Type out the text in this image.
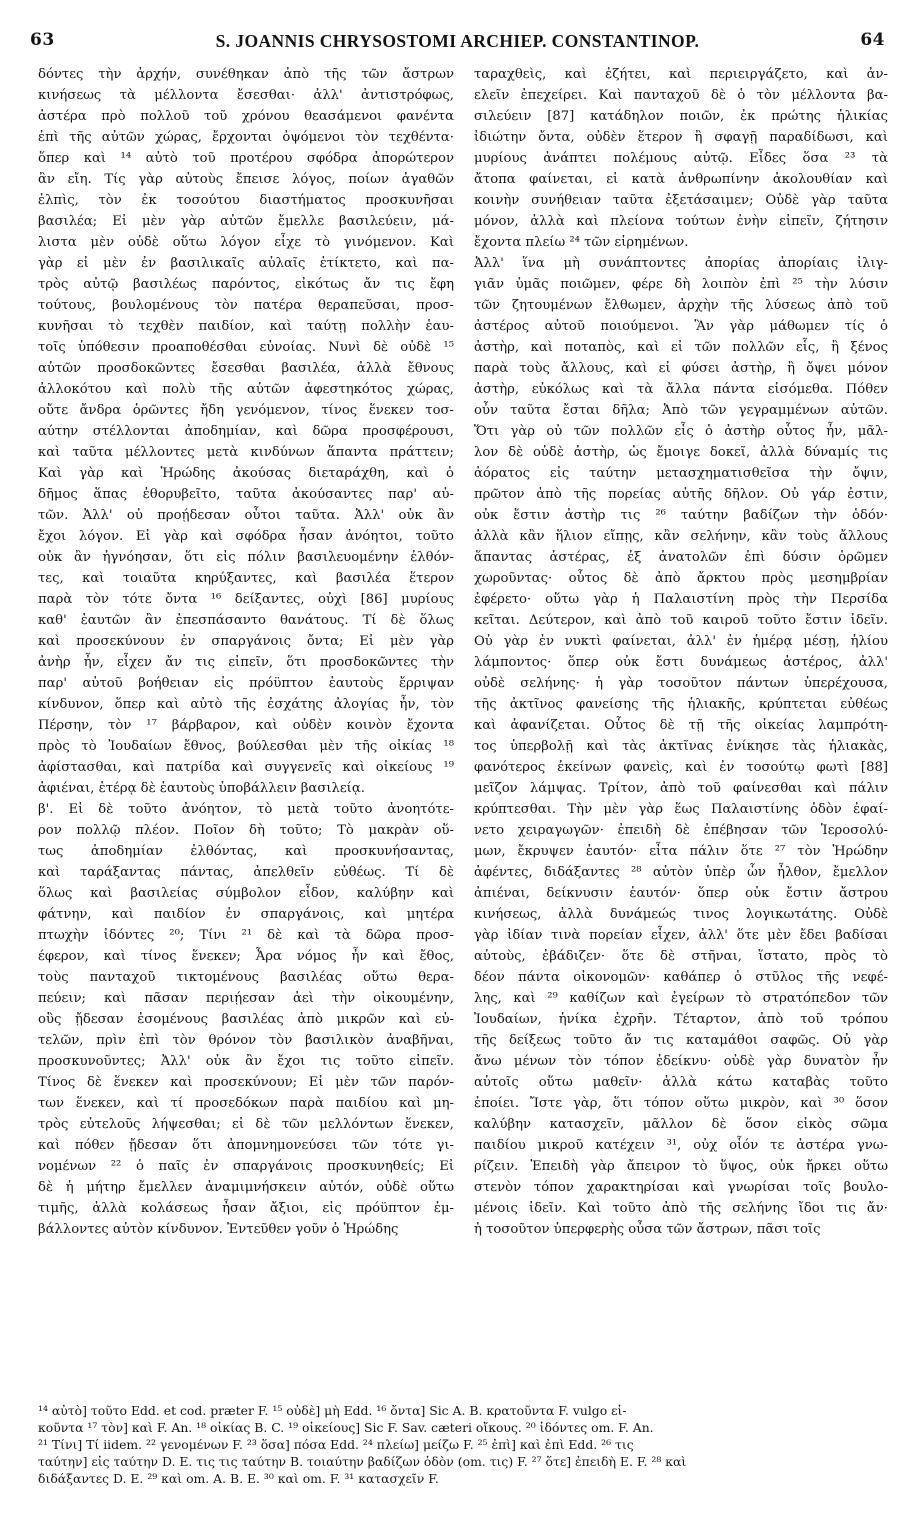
63	S. JOANNIS CHRYSOSTOMI ARCHIEP. CONSTANTINOP.	64
δόντες τὴν ἀρχήν, συνέθηκαν ἀπὸ τῆς τῶν ἄστρων
κινήσεως τὰ μέλλοντα ἔσεσθαι· ἀλλ' ἀντιστρόφως,
ἀστέρα πρὸ πολλοῦ τοῦ χρόνου θεασάμενοι φανέντα
ἐπὶ τῆς αὐτῶν χώρας, ἔρχονται ὀψόμενοι τὸν τεχθέντα·
ὅπερ καὶ ¹⁴ αὐτὸ τοῦ προτέρου σφόδρα ἀπορώτερον
ἂν εἴη. Τίς γὰρ αὐτοὺς ἔπεισε λόγος, ποίων ἀγαθῶν
ἐλπὶς, τὸν ἐκ τοσούτου διαστήματος προσκυνῆσαι
βασιλέα; Εἰ μὲν γὰρ αὐτῶν ἔμελλε βασιλεύειν, μά-
λιστα μὲν οὐδὲ οὕτω λόγον εἶχε τὸ γινόμενον. Καὶ
γὰρ εἰ μὲν ἐν βασιλικαῖς αὐλαῖς ἐτίκτετο, καὶ πα-
τρὸς αὐτῷ βασιλέως παρόντος, εἰκότως ἄν τις ἔφη
τούτους, βουλομένους τὸν πατέρα θεραπεῦσαι, προσ-
κυνῆσαι τὸ τεχθὲν παιδίον, καὶ ταύτῃ πολλὴν ἑαυ-
τοῖς ὑπόθεσιν προαποθέσθαι εὐνοίας. Νυνὶ δὲ οὐδὲ ¹⁵
αὐτῶν προσδοκῶντες ἔσεσθαι βασιλέα, ἀλλὰ ἔθνους
ἀλλοκότου καὶ πολὺ τῆς αὐτῶν ἀφεστηκότος χώρας,
οὔτε ἄνδρα ὁρῶντες ἤδη γενόμενον, τίνος ἕνεκεν τοσ-
αύτην στέλλονται ἀποδημίαν, καὶ δῶρα προσφέρουσι,
καὶ ταῦτα μέλλοντες μετὰ κινδύνων ἅπαντα πράττειν;
Καὶ γὰρ καὶ Ἡρώδης ἀκούσας διεταράχθη, καὶ ὁ
δῆμος ἅπας ἐθορυβεῖτο, ταῦτα ἀκούσαντες παρ' αὐ-
τῶν. Ἀλλ' οὐ προῄδεσαν οὗτοι ταῦτα. Ἀλλ' οὐκ ἂν
ἔχοι λόγον. Εἰ γὰρ καὶ σφόδρα ἦσαν ἀνόητοι, τοῦτο
οὐκ ἂν ἠγνόησαν, ὅτι εἰς πόλιν βασιλευομένην ἐλθόν-
τες, καὶ τοιαῦτα κηρύξαντες, καὶ βασιλέα ἕτερον
παρὰ τὸν τότε ὄντα ¹⁶ δείξαντες, οὐχὶ [86] μυρίους
καθ' ἑαυτῶν ἂν ἐπεσπάσαντο θανάτους. Τί δὲ ὅλως
καὶ προσεκύνουν ἐν σπαργάνοις ὄντα; Εἰ μὲν γὰρ
ἀνὴρ ἦν, εἶχεν ἄν τις εἰπεῖν, ὅτι προσδοκῶντες τὴν
παρ' αὐτοῦ βοήθειαν εἰς πρόϋπτον ἑαυτοὺς ἔρριψαν
κίνδυνον, ὅπερ καὶ αὐτὸ τῆς ἐσχάτης ἀλογίας ἦν, τὸν
Πέρσην, τὸν ¹⁷ βάρβαρον, καὶ οὐδὲν κοινὸν ἔχοντα
πρὸς τὸ Ἰουδαίων ἔθνος, βούλεσθαι μὲν τῆς οἰκίας ¹⁸
ἀφίστασθαι, καὶ πατρίδα καὶ συγγενεῖς καὶ οἰκείους ¹⁹
ἀφιέναι, ἑτέρᾳ δὲ ἑαυτοὺς ὑποβάλλειν βασιλείᾳ.
β'. Εἰ δὲ τοῦτο ἀνόητον, τὸ μετὰ τοῦτο ἀνοητότε-
ρον πολλῷ πλέον. Ποῖον δὴ τοῦτο; Τὸ μακρὰν οὕ-
τως ἀποδημίαν ἐλθόντας, καὶ προσκυνήσαντας,
καὶ ταράξαντας πάντας, ἀπελθεῖν εὐθέως. Τί δὲ
ὅλως καὶ βασιλείας σύμβολον εἶδον, καλύβην καὶ
φάτνην, καὶ παιδίον ἐν σπαργάνοις, καὶ μητέρα
πτωχὴν ἰδόντες ²⁰; Τίνι ²¹ δὲ καὶ τὰ δῶρα προσ-
έφερον, καὶ τίνος ἕνεκεν; Ἆρα νόμος ἦν καὶ ἔθος,
τοὺς πανταχοῦ τικτομένους βασιλέας οὕτω θερα-
πεύειν; καὶ πᾶσαν περιῄεσαν ἀεὶ τὴν οἰκουμένην,
οὓς ᾔδεσαν ἐσομένους βασιλέας ἀπὸ μικρῶν καὶ εὐ-
τελῶν, πρὶν ἐπὶ τὸν θρόνον τὸν βασιλικὸν ἀναβῆναι,
προσκυνοῦντες; Ἀλλ' οὐκ ἂν ἔχοι τις τοῦτο εἰπεῖν.
Τίνος δὲ ἕνεκεν καὶ προσεκύνουν; Εἰ μὲν τῶν παρόν-
των ἕνεκεν, καὶ τί προσεδόκων παρὰ παιδίου καὶ μη-
τρὸς εὐτελοῦς λήψεσθαι; εἰ δὲ τῶν μελλόντων ἕνεκεν,
καὶ πόθεν ᾔδεσαν ὅτι ἀπομνημονεύσει τῶν τότε γι-
νομένων ²² ὁ παῖς ἐν σπαργάνοις προσκυνηθείς; Εἰ
δὲ ἡ μήτηρ ἔμελλεν ἀναμιμνήσκειν αὐτόν, οὐδὲ οὕτω
τιμῆς, ἀλλὰ κολάσεως ἦσαν ἄξιοι, εἰς πρόϋπτον ἐμ-
βάλλοντες αὐτὸν κίνδυνον. Ἐντεῦθεν γοῦν ὁ Ἡρώδης
ταραχθεὶς, καὶ ἐζήτει, καὶ περιειργάζετο, καὶ ἀν-
ελεῖν ἐπεχείρει. Καὶ πανταχοῦ δὲ ὁ τὸν μέλλοντα βα-
σιλεύειν [87] κατάδηλον ποιῶν, ἐκ πρώτης ἡλικίας
ἰδιώτην ὄντα, οὐδὲν ἕτερον ἢ σφαγῇ παραδίδωσι, καὶ
μυρίους ἀνάπτει πολέμους αὐτῷ. Εἶδες ὅσα ²³ τὰ
ἄτοπα φαίνεται, εἰ κατὰ ἀνθρωπίνην ἀκολουθίαν καὶ
κοινὴν συνήθειαν ταῦτα ἐξετάσαιμεν; Οὐδὲ γὰρ ταῦτα
μόνον, ἀλλὰ καὶ πλείονα τούτων ἐνὴν εἰπεῖν, ζήτησιν
ἔχοντα πλείω ²⁴ τῶν εἰρημένων.
Ἀλλ' ἵνα μὴ συνάπτοντες ἀπορίας ἀπορίαις ἰλιγ-
γιᾶν ὑμᾶς ποιῶμεν, φέρε δὴ λοιπὸν ἐπὶ ²⁵ τὴν λύσιν
τῶν ζητουμένων ἔλθωμεν, ἀρχὴν τῆς λύσεως ἀπὸ τοῦ
ἀστέρος αὐτοῦ ποιούμενοι. Ἂν γὰρ μάθωμεν τίς ὁ
ἀστὴρ, καὶ ποταπὸς, καὶ εἰ τῶν πολλῶν εἷς, ἢ ξένος
παρὰ τοὺς ἄλλους, καὶ εἰ φύσει ἀστὴρ, ἢ ὄψει μόνον
ἀστὴρ, εὐκόλως καὶ τὰ ἄλλα πάντα εἰσόμεθα. Πόθεν
οὖν ταῦτα ἔσται δῆλα; Ἀπὸ τῶν γεγραμμένων αὐτῶν.
Ὅτι γὰρ οὐ τῶν πολλῶν εἷς ὁ ἀστὴρ οὗτος ἦν, μᾶλ-
λον δὲ οὐδὲ ἀστὴρ, ὡς ἔμοιγε δοκεῖ, ἀλλὰ δύναμίς τις
ἀόρατος εἰς ταύτην μετασχηματισθεῖσα τὴν ὄψιν,
πρῶτον ἀπὸ τῆς πορείας αὐτῆς δῆλον. Οὐ γάρ ἐστιν,
οὐκ ἔστιν ἀστὴρ τις ²⁶ ταύτην βαδίζων τὴν ὁδόν·
ἀλλὰ κἂν ἥλιον εἴπῃς, κἂν σελήνην, κἂν τοὺς ἄλλους
ἅπαντας ἀστέρας, ἐξ ἀνατολῶν ἐπὶ δύσιν ὁρῶμεν
χωροῦντας· οὗτος δὲ ἀπὸ ἄρκτου πρὸς μεσημβρίαν
ἐφέρετο· οὕτω γὰρ ἡ Παλαιστίνη πρὸς τὴν Περσίδα
κεῖται. Δεύτερον, καὶ ἀπὸ τοῦ καιροῦ τοῦτο ἔστιν ἰδεῖν.
Οὐ γὰρ ἐν νυκτὶ φαίνεται, ἀλλ' ἐν ἡμέρᾳ μέσῃ, ἡλίου
λάμποντος· ὅπερ οὐκ ἔστι δυνάμεως ἀστέρος, ἀλλ'
οὐδὲ σελήνης· ἡ γὰρ τοσοῦτον πάντων ὑπερέχουσα,
τῆς ἀκτῖνος φανείσης τῆς ἡλιακῆς, κρύπτεται εὐθέως
καὶ ἀφανίζεται. Οὗτος δὲ τῇ τῆς οἰκείας λαμπρότη-
τος ὑπερβολῇ καὶ τὰς ἀκτῖνας ἐνίκησε τὰς ἡλιακὰς,
φανότερος ἐκείνων φανεὶς, καὶ ἐν τοσούτῳ φωτὶ [88]
μεῖζον λάμψας. Τρίτον, ἀπὸ τοῦ φαίνεσθαι καὶ πάλιν
κρύπτεσθαι. Τὴν μὲν γὰρ ἕως Παλαιστίνης ὁδὸν ἐφαί-
νετο χειραγωγῶν· ἐπειδὴ δὲ ἐπέβησαν τῶν Ἱεροσολύ-
μων, ἔκρυψεν ἑαυτόν· εἶτα πάλιν ὅτε ²⁷ τὸν Ἡρώδην
ἀφέντες, διδάξαντες ²⁸ αὐτὸν ὑπὲρ ὧν ἦλθον, ἔμελλον
ἀπιέναι, δείκνυσιν ἑαυτόν· ὅπερ οὐκ ἔστιν ἄστρου
κινήσεως, ἀλλὰ δυνάμεώς τινος λογικωτάτης. Οὐδὲ
γὰρ ἰδίαν τινὰ πορείαν εἶχεν, ἀλλ' ὅτε μὲν ἔδει βαδίσαι
αὐτοὺς, ἐβάδιζεν· ὅτε δὲ στῆναι, ἵστατο, πρὸς τὸ
δέον πάντα οἰκονομῶν· καθάπερ ὁ στῦλος τῆς νεφέ-
λης, καὶ ²⁹ καθίζων καὶ ἐγείρων τὸ στρατόπεδον τῶν
Ἰουδαίων, ἡνίκα ἐχρῆν. Τέταρτον, ἀπὸ τοῦ τρόπου
τῆς δείξεως τοῦτο ἄν τις καταμάθοι σαφῶς. Οὐ γὰρ
ἄνω μένων τὸν τόπον ἐδείκνυ· οὐδὲ γὰρ δυνατὸν ἦν
αὐτοῖς οὕτω μαθεῖν· ἀλλὰ κάτω καταβὰς τοῦτο
ἐποίει. Ἴστε γὰρ, ὅτι τόπον οὕτω μικρὸν, καὶ ³⁰ ὅσον
καλύβην κατασχεῖν, μᾶλλον δὲ ὅσον εἰκὸς σῶμα
παιδίου μικροῦ κατέχειν ³¹, οὐχ οἷόν τε ἀστέρα γνω-
ρίζειν. Ἐπειδὴ γὰρ ἄπειρον τὸ ὕψος, οὐκ ἤρκει οὕτω
στενὸν τόπον χαρακτηρίσαι καὶ γνωρίσαι τοῖς βουλο-
μένοις ἰδεῖν. Καὶ τοῦτο ἀπὸ τῆς σελήνης ἴδοι τις ἄν·
ἡ τοσοῦτον ὑπερφερὴς οὖσα τῶν ἄστρων, πᾶσι τοῖς
¹⁴ αὐτὸ] τοῦτο Edd. et cod. præter F. ¹⁵ οὐδὲ] μὴ Edd. ¹⁶ ὄντα] Sic A. B. κρατοῦντα F. vulgo εἰ-
κοῦντα ¹⁷ τὸν] καὶ F. An. ¹⁸ οἰκίας B. C. ¹⁹ οἰκείους] Sic F. Sav. cæteri οἴκους. ²⁰ ἰδόντες om. F. An.
²¹ Τίνι] Τί iidem. ²² γενομένων F. ²³ ὅσα] πόσα Edd. ²⁴ πλείω] μείζω F. ²⁵ ἐπὶ] καὶ ἐπὶ Edd. ²⁶ τις
ταύτην] εἰς ταύτην D. E. τις τις ταύτην B. τοιαύτην βαδίζων ὁδὸν (om. τις) F. ²⁷ ὅτε] ἐπειδὴ E. F. ²⁸ καὶ
διδάξαντες D. E. ²⁹ καὶ om. A. B. E. ³⁰ καὶ om. F. ³¹ κατασχεῖν F.
